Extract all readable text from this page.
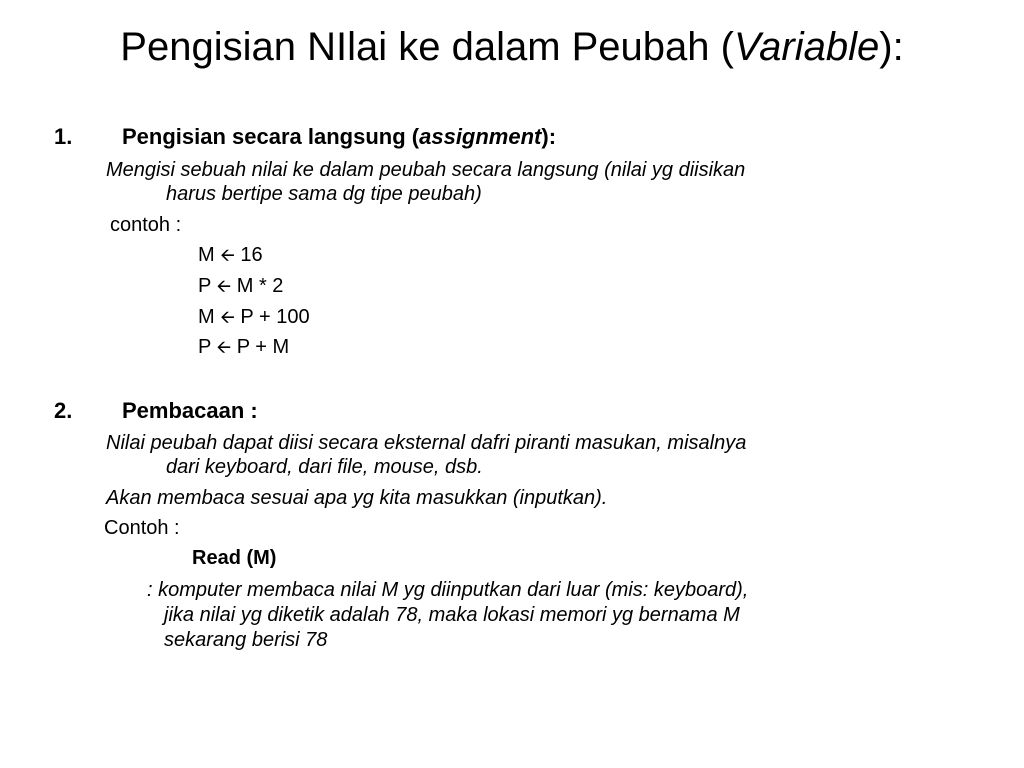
Pengisian NIlai ke dalam Peubah (Variable):
1. Pengisian secara langsung (assignment):
Mengisi sebuah nilai ke dalam peubah secara langsung (nilai yg diisikan
harus bertipe sama dg tipe peubah)
contoh :
M 🡨 16
P 🡨 M * 2
M 🡨 P + 100
P 🡨 P + M
2. Pembacaan :
Nilai peubah dapat diisi secara eksternal dafri piranti masukan, misalnya
dari keyboard, dari file, mouse, dsb.
Akan membaca sesuai apa yg kita masukkan (inputkan).
Contoh :
Read (M)
: komputer membaca nilai M yg diinputkan dari luar (mis: keyboard),
jika nilai yg diketik adalah 78, maka lokasi memori yg bernama M
sekarang berisi 78
